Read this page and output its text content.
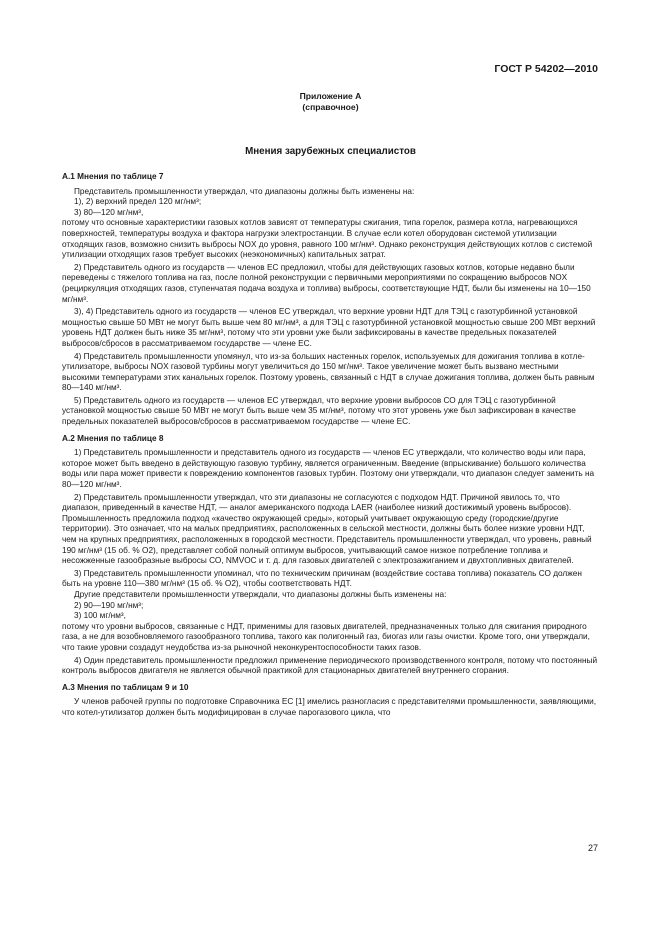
ГОСТ Р 54202—2010
Приложение А
(справочное)
Мнения зарубежных специалистов

А.1 Мнения по таблице 7

Представитель промышленности утверждал, что диапазоны должны быть изменены на:

1), 2) верхний предел 120 мг/нм³;

3) 80—120 мг/нм³,

потому что основные характеристики газовых котлов зависят от температуры сжигания, типа горелок, размера котла, нагревающихся поверхностей, температуры воздуха и фактора нагрузки электростанции. В случае если котел оборудован системой утилизации отходящих газов, возможно снизить выбросы NOX до уровня, равного 100 мг/нм³. Однако реконструкция действующих котлов с системой утилизации отходящих газов требует высоких (неэкономичных) капитальных затрат.

2) Представитель одного из государств — членов ЕС предложил, чтобы для действующих газовых котлов, которые недавно были переведены с тяжелого топлива на газ, после полной реконструкции с первичными мероприятиями по сокращению выбросов NOX (рециркуляция отходящих газов, ступенчатая подача воздуха и топлива) выбросы, соответствующие НДТ, были бы изменены на 10—150 мг/нм³.

3), 4) Представитель одного из государств — членов ЕС утверждал, что верхние уровни НДТ для ТЭЦ с газотурбинной установкой мощностью свыше 50 МВт не могут быть выше чем 80 мг/нм³, а для ТЭЦ с газотурбинной установкой мощностью свыше 200 МВт верхний уровень НДТ должен быть ниже 35 мг/нм³, потому что эти уровни уже были зафиксированы в качестве предельных показателей выбросов/сбросов в рассматриваемом государстве — члене ЕС.

4) Представитель промышленности упомянул, что из-за больших настенных горелок, используемых для дожигания топлива в котле-утилизаторе, выбросы NOX газовой турбины могут увеличиться до 150 мг/нм³. Такое увеличение может быть вызвано местными высокими температурами этих канальных горелок. Поэтому уровень, связанный с НДТ в случае дожигания топлива, должен быть равным 80—140 мг/нм³.

5) Представитель одного из государств — членов ЕС утверждал, что верхние уровни выбросов СО для ТЭЦ с газотурбинной установкой мощностью свыше 50 МВт не могут быть выше чем 35 мг/нм³, потому что этот уровень уже был зафиксирован в качестве предельных показателей выбросов/сбросов в рассматриваемом государстве — члене ЕС.

А.2 Мнения по таблице 8

1) Представитель промышленности и представитель одного из государств — членов ЕС утверждали, что количество воды или пара, которое может быть введено в действующую газовую турбину, является ограниченным. Введение (впрыскивание) большого количества воды или пара может привести к повреждению компонентов газовых турбин. Поэтому они утверждали, что диапазон следует заменить на 80—120 мг/нм³.

2) Представитель промышленности утверждал, что эти диапазоны не согласуются с подходом НДТ. Причиной явилось то, что диапазон, приведенный в качестве НДТ, — аналог американского подхода LAER (наиболее низкий достижимый уровень выбросов). Промышленность предложила подход «качество окружающей среды», который учитывает окружающую среду (городские/другие территории). Это означает, что на малых предприятиях, расположенных в сельской местности, должны быть более низкие уровни НДТ, чем на крупных предприятиях, расположенных в городской местности. Представитель промышленности утверждал, что уровень, равный 190 мг/нм³ (15 об. % O2), представляет собой полный оптимум выбросов, учитывающий самое низкое потребление топлива и несожженные газообразные выбросы СО, NMVOC и т. д. для газовых двигателей с электрозажиганием и двухтопливных двигателей.

3) Представитель промышленности упоминал, что по техническим причинам (воздействие состава топлива) показатель СО должен быть на уровне 110—380 мг/нм³ (15 об. % O2), чтобы соответствовать НДТ.

Другие представители промышленности утверждали, что диапазоны должны быть изменены на:

2) 90—190 мг/нм³;

3) 100 мг/нм³,

потому что уровни выбросов, связанные с НДТ, применимы для газовых двигателей, предназначенных только для сжигания природного газа, а не для возобновляемого газообразного топлива, такого как полигонный газ, биогаз или газы очистки. Кроме того, они утверждали, что такие уровни создадут неудобства из-за рыночной неконкурентоспособности таких газов.

4) Один представитель промышленности предложил применение периодического производственного контроля, потому что постоянный контроль выбросов двигателя не является обычной практикой для стационарных двигателей внутреннего сгорания.

А.3 Мнения по таблицам 9 и 10

У членов рабочей группы по подготовке Справочника ЕС [1] имелись разногласия с представителями промышленности, заявляющими, что котел-утилизатор должен быть модифицирован в случае парогазового цикла, что

27
